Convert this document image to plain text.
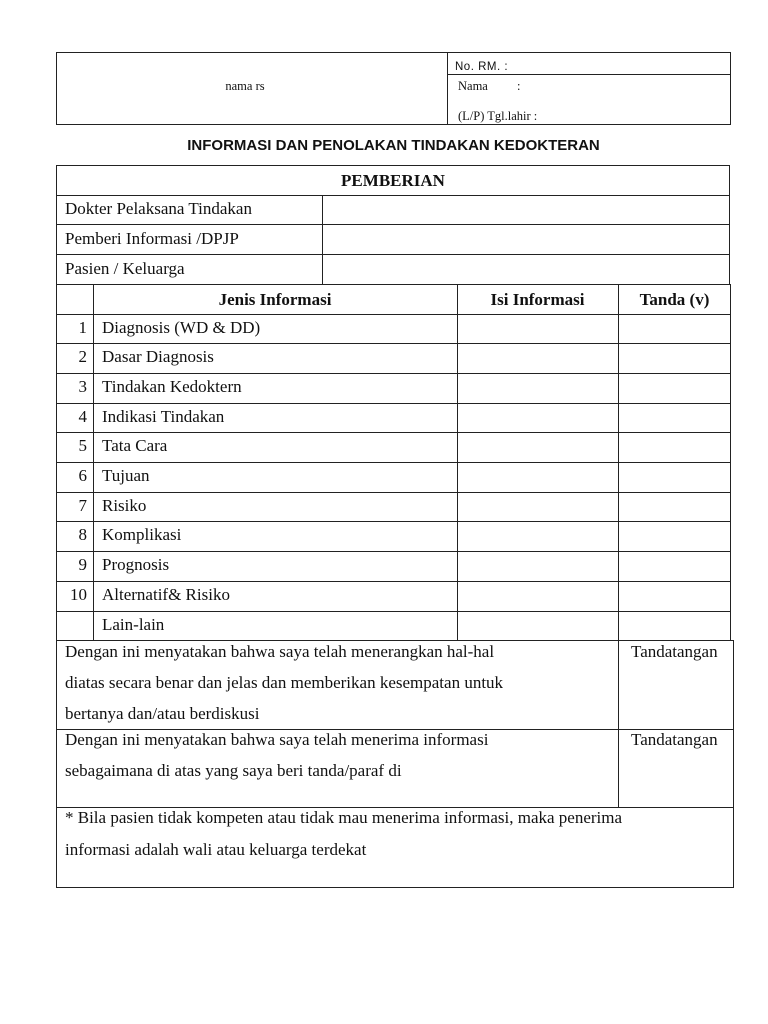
nama rs
No. RM. :
Nama :
(L/P) Tgl.lahir :
INFORMASI DAN PENOLAKAN TINDAKAN KEDOKTERAN
PEMBERIAN
Dokter Pelaksana Tindakan
Pemberi Informasi /DPJP
Pasien / Keluarga
Jenis Informasi	Isi Informasi	Tanda (v)
1 Diagnosis (WD & DD)
2 Dasar Diagnosis
3 Tindakan Kedoktern
4 Indikasi Tindakan
5 Tata Cara
6 Tujuan
7 Risiko
8 Komplikasi
9 Prognosis
10 Alternatif& Risiko
Lain-lain
Dengan ini menyatakan bahwa saya telah menerangkan hal-hal
diatas secara benar dan jelas dan memberikan kesempatan untuk
bertanya dan/atau berdiskusi
Tandatangan
Dengan ini menyatakan bahwa saya telah menerima informasi
sebagaimana di atas yang saya beri tanda/paraf di
Tandatangan
* Bila pasien tidak kompeten atau tidak mau menerima informasi, maka penerima
informasi adalah wali atau keluarga terdekat
